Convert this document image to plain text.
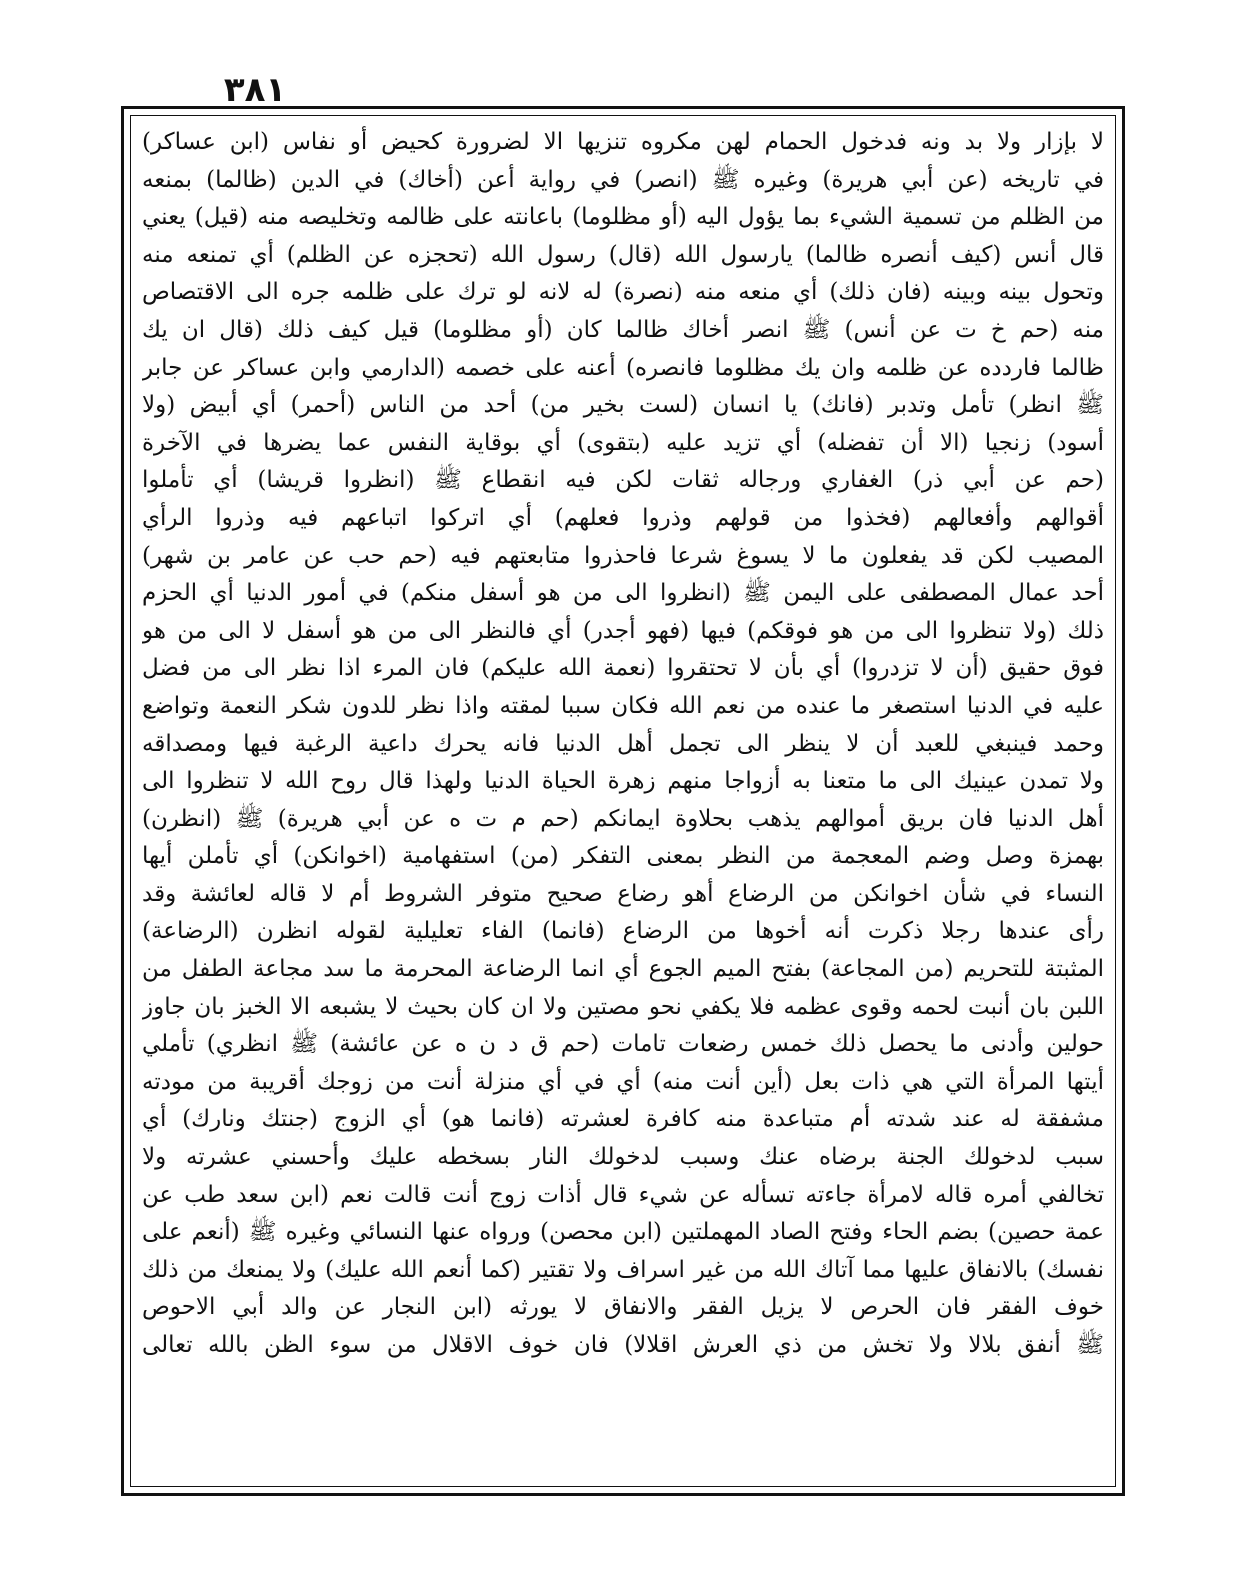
٣٨١
لا بإزار ولا بد ونه فدخول الحمام لهن مكروه تنزيها الا لضرورة كحيض أو نفاس (ابن عساكر)
في تاريخه (عن أبي هريرة) وغيره ﷺ (انصر) في رواية أعن (أخاك) في الدين (ظالما) بمنعه
من الظلم من تسمية الشيء بما يؤول اليه (أو مظلوما) باعانته على ظالمه وتخليصه منه (قيل) يعني
قال أنس (كيف أنصره ظالما) يارسول الله (قال) رسول الله (تحجزه عن الظلم) أي تمنعه منه
وتحول بينه وبينه (فان ذلك) أي منعه منه (نصرة) له لانه لو ترك على ظلمه جره الى الاقتصاص
منه (حم خ ت عن أنس) ﷺ انصر أخاك ظالما كان (أو مظلوما) قيل كيف ذلك (قال ان يك
ظالما فاردده عن ظلمه وان يك مظلوما فانصره) أعنه على خصمه (الدارمي وابن عساكر عن جابر
ﷺ انظر) تأمل وتدبر (فانك) يا انسان (لست بخير من) أحد من الناس (أحمر) أي أبيض (ولا
أسود) زنجيا (الا أن تفضله) أي تزيد عليه (بتقوى) أي بوقاية النفس عما يضرها في الآخرة
(حم عن أبي ذر) الغفاري ورجاله ثقات لكن فيه انقطاع ﷺ (انظروا قريشا) أي تأملوا
أقوالهم وأفعالهم (فخذوا من قولهم وذروا فعلهم) أي اتركوا اتباعهم فيه وذروا الرأي
المصيب لكن قد يفعلون ما لا يسوغ شرعا فاحذروا متابعتهم فيه (حم حب عن عامر بن شهر)
أحد عمال المصطفى على اليمن ﷺ (انظروا الى من هو أسفل منكم) في أمور الدنيا أي الحزم
ذلك (ولا تنظروا الى من هو فوقكم) فيها (فهو أجدر) أي فالنظر الى من هو أسفل لا الى من هو
فوق حقيق (أن لا تزدروا) أي بأن لا تحتقروا (نعمة الله عليكم) فان المرء اذا نظر الى من فضل
عليه في الدنيا استصغر ما عنده من نعم الله فكان سببا لمقته واذا نظر للدون شكر النعمة وتواضع
وحمد فينبغي للعبد أن لا ينظر الى تجمل أهل الدنيا فانه يحرك داعية الرغبة فيها ومصداقه
ولا تمدن عينيك الى ما متعنا به أزواجا منهم زهرة الحياة الدنيا ولهذا قال روح الله لا تنظروا الى
أهل الدنيا فان بريق أموالهم يذهب بحلاوة ايمانكم (حم م ت ه عن أبي هريرة) ﷺ (انظرن)
بهمزة وصل وضم المعجمة من النظر بمعنى التفكر (من) استفهامية (اخوانكن) أي تأملن أيها
النساء في شأن اخوانكن من الرضاع أهو رضاع صحيح متوفر الشروط أم لا قاله لعائشة وقد
رأى عندها رجلا ذكرت أنه أخوها من الرضاع (فانما) الفاء تعليلية لقوله انظرن (الرضاعة)
المثبتة للتحريم (من المجاعة) بفتح الميم الجوع أي انما الرضاعة المحرمة ما سد مجاعة الطفل من
اللبن بان أنبت لحمه وقوى عظمه فلا يكفي نحو مصتين ولا ان كان بحيث لا يشبعه الا الخبز بان جاوز
حولين وأدنى ما يحصل ذلك خمس رضعات تامات (حم ق د ن ه عن عائشة) ﷺ انظري) تأملي
أيتها المرأة التي هي ذات بعل (أين أنت منه) أي في أي منزلة أنت من زوجك أقريبة من مودته
مشفقة له عند شدته أم متباعدة منه كافرة لعشرته (فانما هو) أي الزوج (جنتك ونارك) أي
سبب لدخولك الجنة برضاه عنك وسبب لدخولك النار بسخطه عليك وأحسني عشرته ولا
تخالفي أمره قاله لامرأة جاءته تسأله عن شيء قال أذات زوج أنت قالت نعم (ابن سعد طب عن
عمة حصين) بضم الحاء وفتح الصاد المهملتين (ابن محصن) ورواه عنها النسائي وغيره ﷺ (أنعم على
نفسك) بالانفاق عليها مما آتاك الله من غير اسراف ولا تقتير (كما أنعم الله عليك) ولا يمنعك من ذلك
خوف الفقر فان الحرص لا يزيل الفقر والانفاق لا يورثه (ابن النجار عن والد أبي الاحوص
ﷺ أنفق بلالا ولا تخش من ذي العرش اقلالا) فان خوف الاقلال من سوء الظن بالله تعالى
